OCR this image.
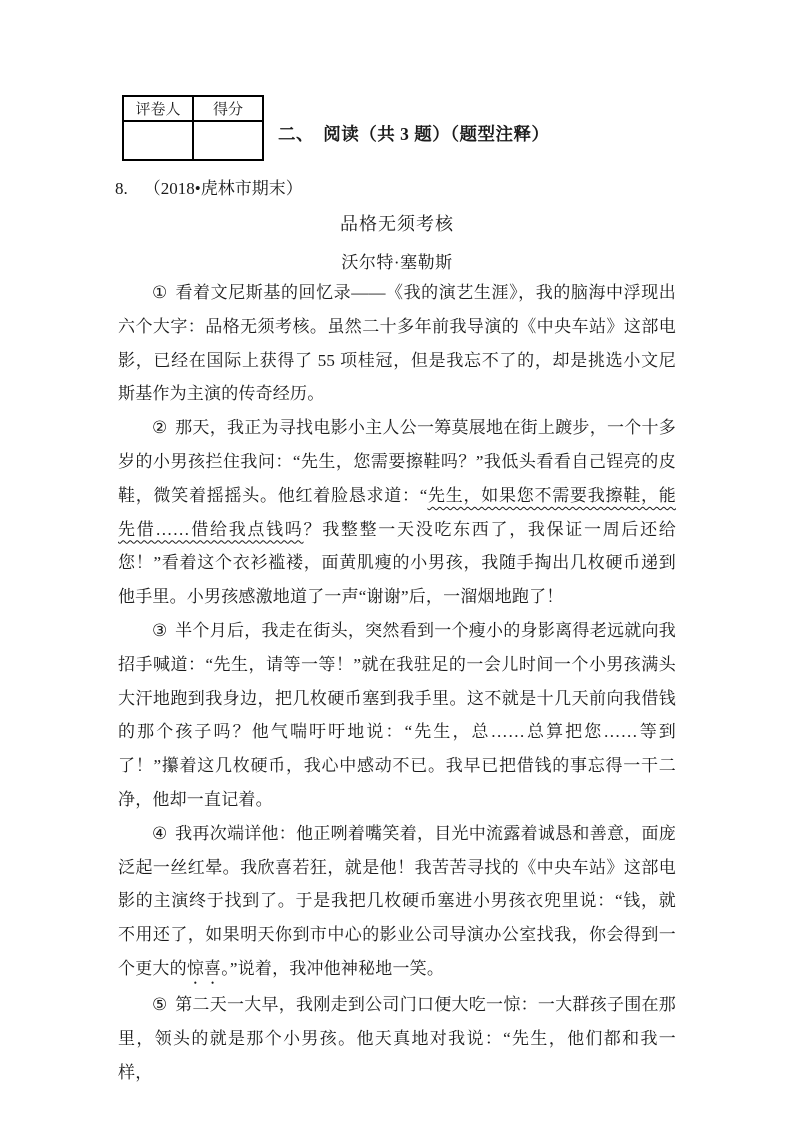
评卷人	得分

二、　阅读（共 3 题）（题型注释）
8. （2018•虎林市期末）
品格无须考核
沃尔特·塞勒斯

① 看着文尼斯基的回忆录——《我的演艺生涯》，我的脑海中浮现出六个大字：品格无须考核。虽然二十多年前我导演的《中央车站》这部电影，已经在国际上获得了 55 项桂冠，但是我忘不了的，却是挑选小文尼斯基作为主演的传奇经历。

② 那天，我正为寻找电影小主人公一筹莫展地在街上踱步，一个十多岁的小男孩拦住我问：“先生，您需要擦鞋吗？”我低头看看自己锃亮的皮鞋，微笑着摇摇头。他红着脸恳求道：“先生，如果您不需要我擦鞋，能先借……借给我点钱吗？我整整一天没吃东西了，我保证一周后还给您！”看着这个衣衫褴褛，面黄肌瘦的小男孩，我随手掏出几枚硬币递到他手里。小男孩感激地道了一声“谢谢”后，一溜烟地跑了！

③ 半个月后，我走在街头，突然看到一个瘦小的身影离得老远就向我招手喊道：“先生，请等一等！”就在我驻足的一会儿时间一个小男孩满头大汗地跑到我身边，把几枚硬币塞到我手里。这不就是十几天前向我借钱的那个孩子吗？他气喘吁吁地说：“先生，总……总算把您……等到了！”攥着这几枚硬币，我心中感动不已。我早已把借钱的事忘得一干二净，他却一直记着。

④ 我再次端详他：他正咧着嘴笑着，目光中流露着诚恳和善意，面庞泛起一丝红晕。我欣喜若狂，就是他！我苦苦寻找的《中央车站》这部电影的主演终于找到了。于是我把几枚硬币塞进小男孩衣兜里说：“钱，就不用还了，如果明天你到市中心的影业公司导演办公室找我，你会得到一个更大的惊喜。”说着，我冲他神秘地一笑。

⑤ 第二天一大早，我刚走到公司门口便大吃一惊：一大群孩子围在那里，领头的就是那个小男孩。他天真地对我说：“先生，他们都和我一样，
